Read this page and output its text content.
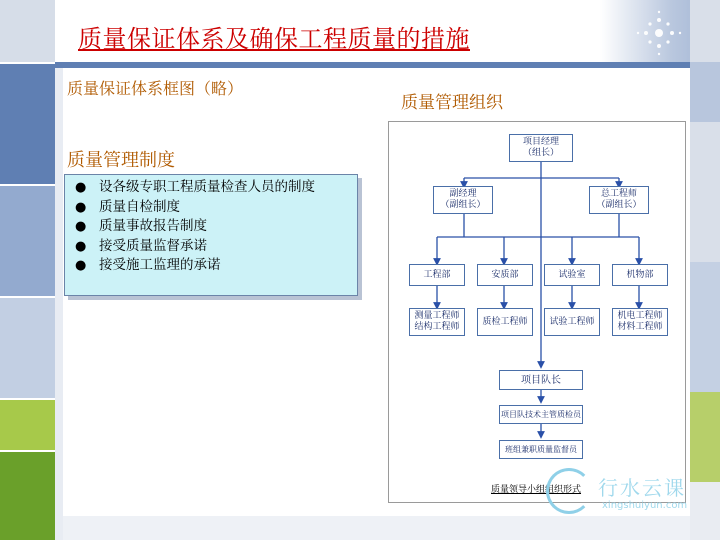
质量保证体系及确保工程质量的措施
质量保证体系框图（略）
质量管理制度
质量管理组织
● 设各级专职工程质量检查人员的制度
● 质量自检制度
● 质量事故报告制度
● 接受质量监督承诺
● 接受施工监理的承诺
项目经理
（组长）
副经理
（副组长）
总工程师
（副组长）
工程部	安质部	试验室	机物部
测量工程师
结构工程师
质检工程师 试验工程师
机电工程师
材料工程师
项目队长
项目队技术主管质检员
班组兼职质量监督员
质量领导小组组织形式 行水云课
xingshuiyun.com
